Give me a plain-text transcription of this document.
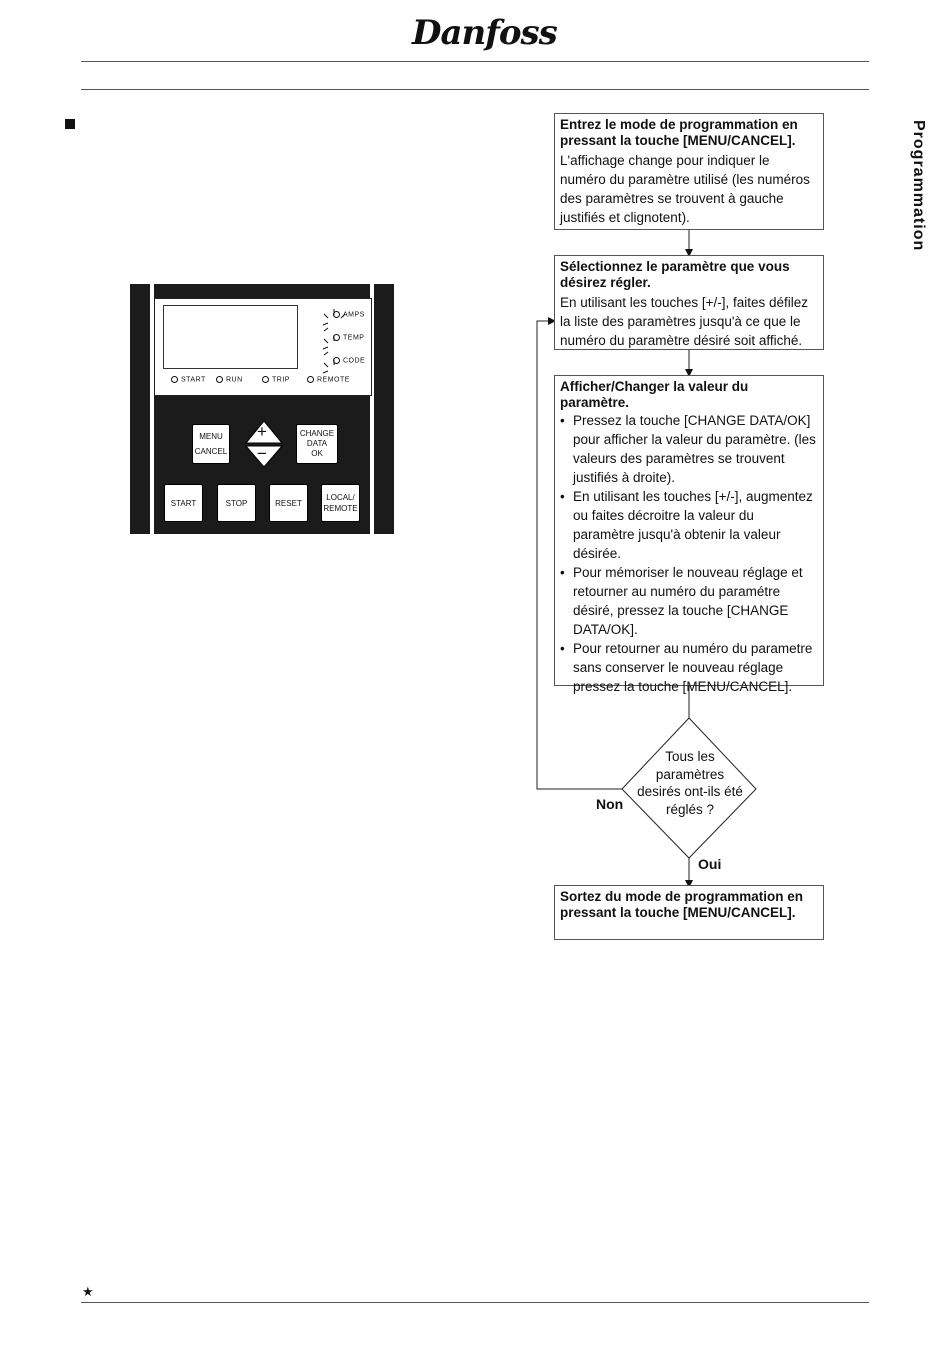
Danfoss
Programmation
AMPS
TEMP
CODE
START	RUN	TRIP	REMOTE
MENU
CANCEL
+
−
CHANGE
DATA
OK
START	STOP	RESET
LOCAL/
REMOTE
Entrez le mode de programmation en pressant la touche [MENU/CANCEL].
L'affichage change pour indiquer le numéro du paramètre utilisé (les numéros des paramètres se trouvent à gauche justifiés et clignotent).
Sélectionnez le paramètre que vous désirez régler.
En utilisant les touches [+/-], faites défilez la liste des paramètres jusqu'à ce que le numéro du paramètre désiré soit affiché.
Afficher/Changer la valeur du paramètre.
• Pressez la touche [CHANGE DATA/OK] pour afficher la valeur du paramètre. (les valeurs des paramètres se trouvent justifiés à droite).
• En utilisant les touches [+/-], augmentez ou faites décroitre la valeur du paramètre jusqu'à obtenir la valeur désirée.
• Pour mémoriser le nouveau réglage et retourner au numéro du paramétre désiré, pressez la touche [CHANGE DATA/OK].
• Pour retourner au numéro du parametre sans conserver le nouveau réglage pressez la touche [MENU/CANCEL].
Tous les paramètres desirés ont-ils été réglés ?
Non
Oui
Sortez du mode de programmation en pressant la touche [MENU/CANCEL].
★
